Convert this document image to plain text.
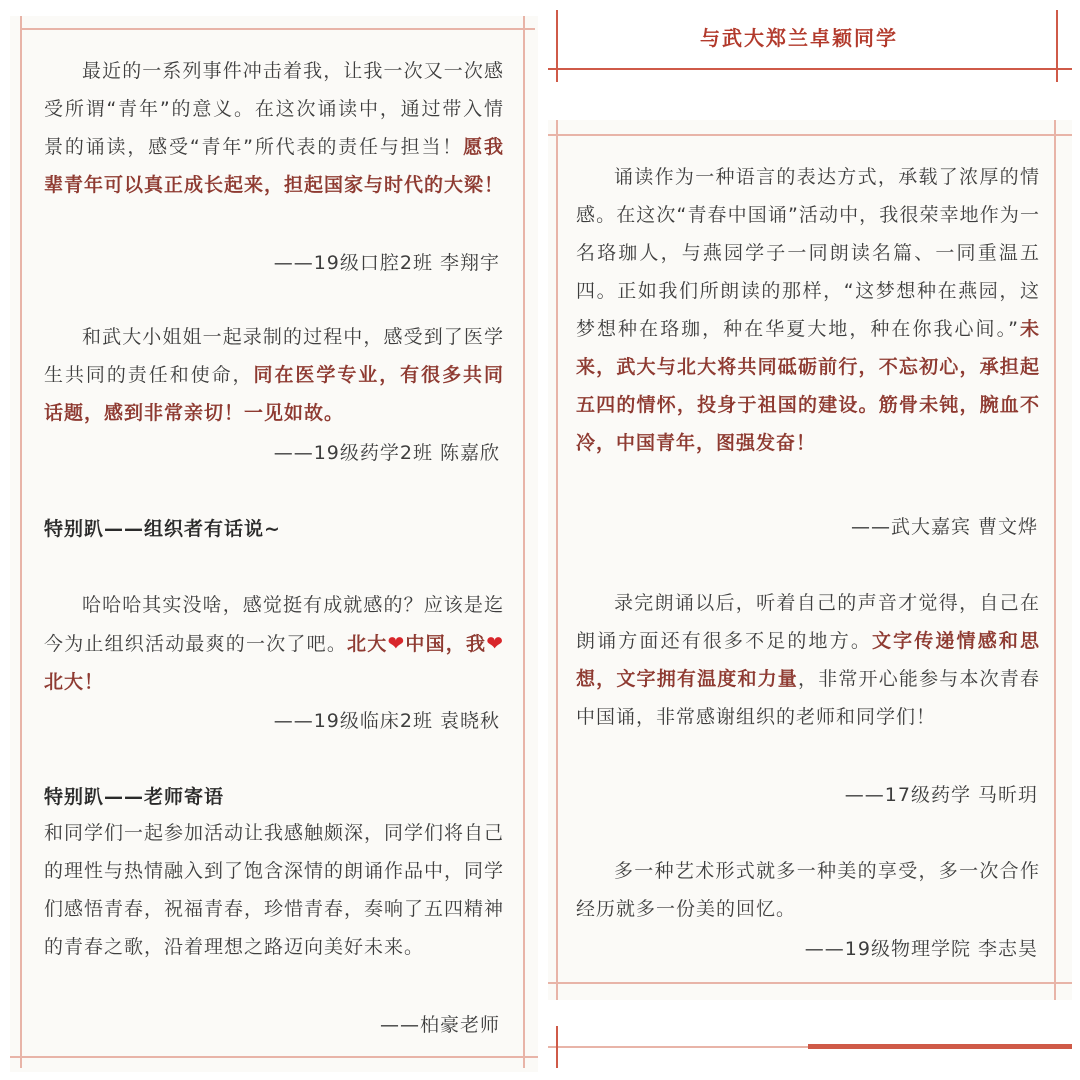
最近的一系列事件冲击着我，让我一次又一次感受所谓“青年”的意义。在这次诵读中，通过带入情景的诵读，感受“青年”所代表的责任与担当！愿我辈青年可以真正成长起来，担起国家与时代的大梁！

——19级口腔2班 李翔宇

和武大小姐姐一起录制的过程中，感受到了医学生共同的责任和使命，同在医学专业，有很多共同话题，感到非常亲切！一见如故。

——19级药学2班 陈嘉欣
特别趴——组织者有话说~

哈哈哈其实没啥，感觉挺有成就感的？应该是迄今为止组织活动最爽的一次了吧。北大❤中国，我❤北大！

——19级临床2班 袁晓秋
特别趴——老师寄语

和同学们一起参加活动让我感触颇深，同学们将自己的理性与热情融入到了饱含深情的朗诵作品中，同学们感悟青春，祝福青春，珍惜青春，奏响了五四精神的青春之歌，沿着理想之路迈向美好未来。

——柏豪老师
与武大郑兰卓颖同学

诵读作为一种语言的表达方式，承载了浓厚的情感。在这次“青春中国诵”活动中，我很荣幸地作为一名珞珈人，与燕园学子一同朗读名篇、一同重温五四。正如我们所朗读的那样，“这梦想种在燕园，这梦想种在珞珈，种在华夏大地，种在你我心间。”未来，武大与北大将共同砥砺前行，不忘初心，承担起五四的情怀，投身于祖国的建设。筋骨未钝，腕血不冷，中国青年，图强发奋！

——武大嘉宾 曹文烨

录完朗诵以后，听着自己的声音才觉得，自己在朗诵方面还有很多不足的地方。文字传递情感和思想，文字拥有温度和力量，非常开心能参与本次青春中国诵，非常感谢组织的老师和同学们！

——17级药学 马昕玥

多一种艺术形式就多一种美的享受，多一次合作经历就多一份美的回忆。

——19级物理学院 李志昊
